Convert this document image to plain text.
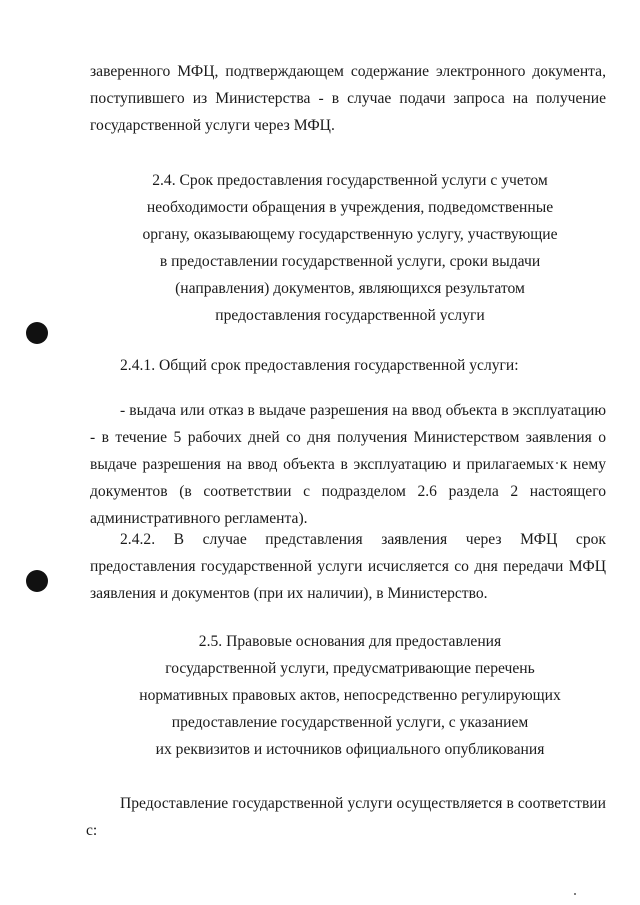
заверенного МФЦ, подтверждающем содержание электронного документа,
поступившего из Министерства - в случае подачи запроса на получение
государственной услуги через МФЦ.
2.4. Срок предоставления государственной услуги с учетом
необходимости обращения в учреждения, подведомственные
органу, оказывающему государственную услугу, участвующие
в предоставлении государственной услуги, сроки выдачи
(направления) документов, являющихся результатом
предоставления государственной услуги
2.4.1. Общий срок предоставления государственной услуги:
- выдача или отказ в выдаче разрешения на ввод объекта в эксплуатацию
- в течение 5 рабочих дней со дня получения Министерством заявления о
выдаче разрешения на ввод объекта в эксплуатацию и прилагаемых к нему
документов (в соответствии с подразделом 2.6 раздела 2 настоящего
административного регламента).
2.4.2. В случае представления заявления через МФЦ срок
предоставления государственной услуги исчисляется со дня передачи МФЦ
заявления и документов (при их наличии), в Министерство.
2.5. Правовые основания для предоставления
государственной услуги, предусматривающие перечень
нормативных правовых актов, непосредственно регулирующих
предоставление государственной услуги, с указанием
их реквизитов и источников официального опубликования
Предоставление государственной услуги осуществляется в соответствии
с:
